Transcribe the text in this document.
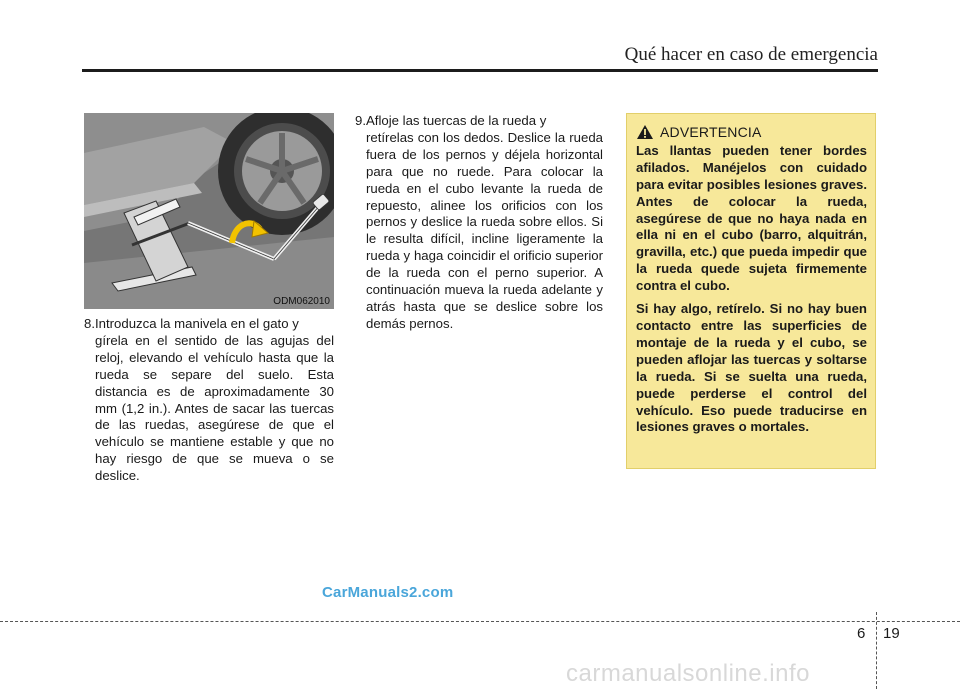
Qué hacer en caso de emergencia
ODM062010
8. Introduzca la manivela en el gato y
gírela en el sentido de las agujas del reloj, elevando el vehículo hasta que la rueda se separe del suelo. Esta distancia es de aproximadamente 30 mm (1,2 in.). Antes de sacar las tuercas de las ruedas, asegúrese de que el vehículo se mantiene estable y que no hay riesgo de que se mueva o se deslice.
9. Afloje las tuercas de la rueda y
retírelas con los dedos. Deslice la rueda fuera de los pernos y déjela horizontal para que no ruede. Para colocar la rueda en el cubo levante la rueda de repuesto, alinee los orificios con los pernos y deslice la rueda sobre ellos. Si le resulta difícil, incline ligeramente la rueda y haga coincidir el orificio superior de la rueda con el perno superior. A continuación mueva la rueda adelante y atrás hasta que se deslice sobre los demás pernos.
ADVERTENCIA

Las llantas pueden tener bordes afilados. Manéjelos con cuidado para evitar posibles lesiones graves. Antes de colocar la rueda, asegúrese de que no haya nada en ella ni en el cubo (barro, alquitrán, gravilla, etc.) que pueda impedir que la rueda quede sujeta firmemente contra el cubo.

Si hay algo, retírelo. Si no hay buen contacto entre las superficies de montaje de la rueda y el cubo, se pueden aflojar las tuercas y soltarse la rueda. Si se suelta una rueda, puede perderse el control del vehículo. Eso puede traducirse en lesiones graves o mortales.

CarManuals2.com
6 19
carmanualsonline.info
